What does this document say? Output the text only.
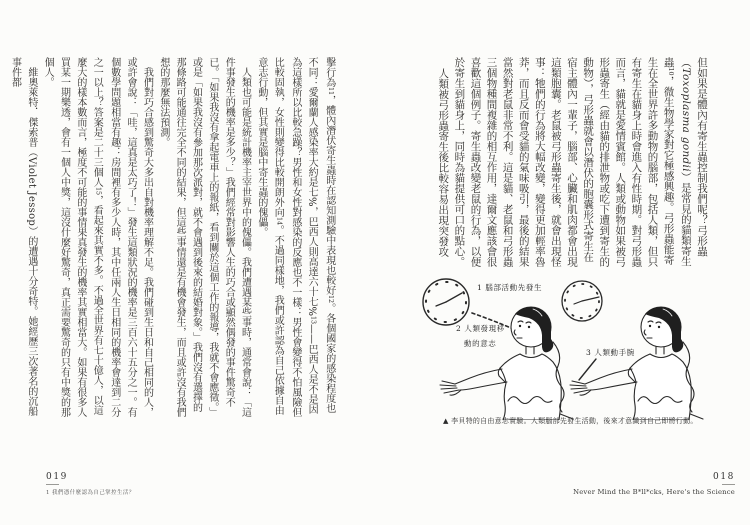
擊行為$^{11}$，體內潛伏寄生蟲時在認知測驗中表現也較好$^{12}$。各個國家的感染程度也不同：愛爾蘭人感染率大約是七%，巴西人則高達六十七%$^{13}$——巴西人是不是因為這樣所以比較急躁？男性和女性對感染的反應也不一樣：男性會變得不怕風險但比較固執，女性則變得比較開朗外向$^{14}$。不過同樣地，我們或許認為自己依據自由意志行動，但其實是腦中寄生蟲的傀儡。

人類也可能是統計機率主宰世界中的傀儡。我們遭遇某些事時，通常會說：「這件事發生的機率是多少？」我們經常對影響人生的巧合或顯然偶發的事件驚奇不已。「如果我沒有拿起電車上的報紙，看到關於這個工作的報導，我就不會應徵。」或是「如果我沒有參加那次派對，就不會遇到後來的結婚對象。」我們沒有選擇的那條路可能通往完全不同的結果，但這些事情還是有機會發生，而且或許沒有我們想的那麼無法預測。

我們對巧合感到驚奇大多出自對機率理解不足。我們碰到生日和自己相同的人，或許會說：「哇，這真是太巧了！」發生這類狀況的機率是三百六十五分之一。有個數學問題相當有趣：房間裡有多少人時，其中任兩人生日相同的機率會達到二分之一以上？答案是二十三個人$^{15}$，看起來其實不多。不過全世界有七十億人，以這麼大的樣本數而言，極度不可能的事情果真發生的機率其實相當大。如果有很多人買某一期樂透，會有一個人中獎，這沒什麼好驚奇，真正需要驚奇的只有中獎的那個人。

維奧萊特．傑索普（Violet Jessop）的遭遇十分奇特。她經歷三次著名的沉船事件都	但如果是體內有寄生蟲控制我們呢？弓形蟲（Toxoplasma gondii）是常見的貓類寄生蟲$^{10}$，微生物學家對它極感興趣。弓形蟲能寄生在全世界許多動物的腦部，包括人類，但只有寄生在貓身上時會進入有性時期。對弓形蟲而言，貓就是愛情賓館。人類或動物如果被弓形蟲寄生（經由貓的排泄物或吃下遭到寄生的動物），弓形蟲就會以潛伏的胞囊形式寄生在宿主體內一輩子，腦部、心臟和肌肉都會出現這類胞囊。老鼠被弓形蟲寄生後，就會出現怪事：牠們的行為將大幅改變，變得更加輕率魯莽，而且反而會受貓的氣味吸引，最後的結果當然對老鼠非常不利。這是貓、老鼠和弓形蟲三個物種間複雜的相互作用，達爾文應該會很喜歡這個例子。寄生蟲改變老鼠的行為，以便於寄生到貓身上，同時為貓提供可口的點心。

人類被弓形蟲寄生後比較容易出現突發攻

1 腦部活動先發生
2 人類發現移
動的意志
3 人類動手腕
▲ 李貝特的自由意志實驗。人類腦部先發生活動，後來才意識到自己即將行動。
019
1 我們憑什麼認為自己掌控生活？
018
Never Mind the B*ll*cks, Here's the Science
